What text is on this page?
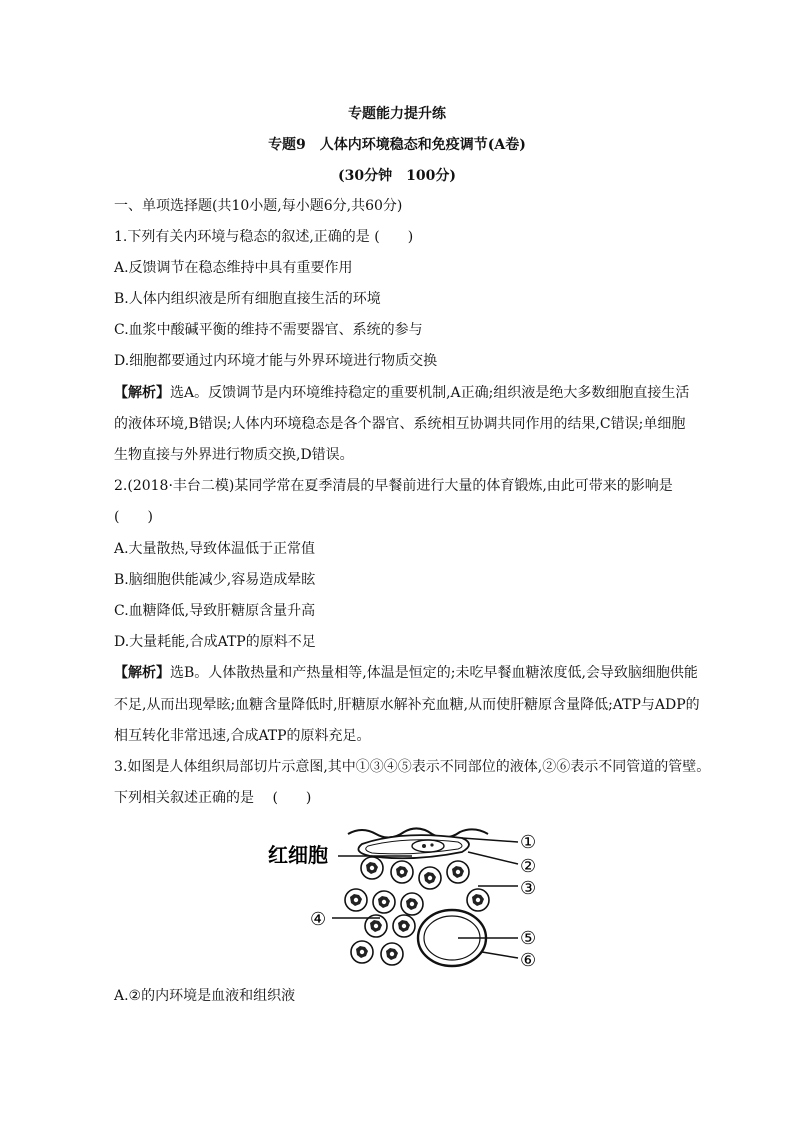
专题能力提升练
专题9　人体内环境稳态和免疫调节(A卷)
(30分钟　100分)
一、单项选择题(共10小题,每小题6分,共60分)
1.下列有关内环境与稳态的叙述,正确的是 (　　)
A.反馈调节在稳态维持中具有重要作用
B.人体内组织液是所有细胞直接生活的环境
C.血浆中酸碱平衡的维持不需要器官、系统的参与
D.细胞都要通过内环境才能与外界环境进行物质交换
【解析】选A。反馈调节是内环境维持稳定的重要机制,A正确;组织液是绝大多数细胞直接生活
的液体环境,B错误;人体内环境稳态是各个器官、系统相互协调共同作用的结果,C错误;单细胞
生物直接与外界进行物质交换,D错误。
2.(2018·丰台二模)某同学常在夏季清晨的早餐前进行大量的体育锻炼,由此可带来的影响是
(　　)
A.大量散热,导致体温低于正常值
B.脑细胞供能减少,容易造成晕眩
C.血糖降低,导致肝糖原含量升高
D.大量耗能,合成ATP的原料不足
【解析】选B。人体散热量和产热量相等,体温是恒定的;未吃早餐血糖浓度低,会导致脑细胞供能
不足,从而出现晕眩;血糖含量降低时,肝糖原水解补充血糖,从而使肝糖原含量降低;ATP与ADP的
相互转化非常迅速,合成ATP的原料充足。
3.如图是人体组织局部切片示意图,其中①③④⑤表示不同部位的液体,②⑥表示不同管道的管壁。
下列相关叙述正确的是　 (　　)
红细胞
①
②
③
④
⑤
⑥
A.②的内环境是血液和组织液
